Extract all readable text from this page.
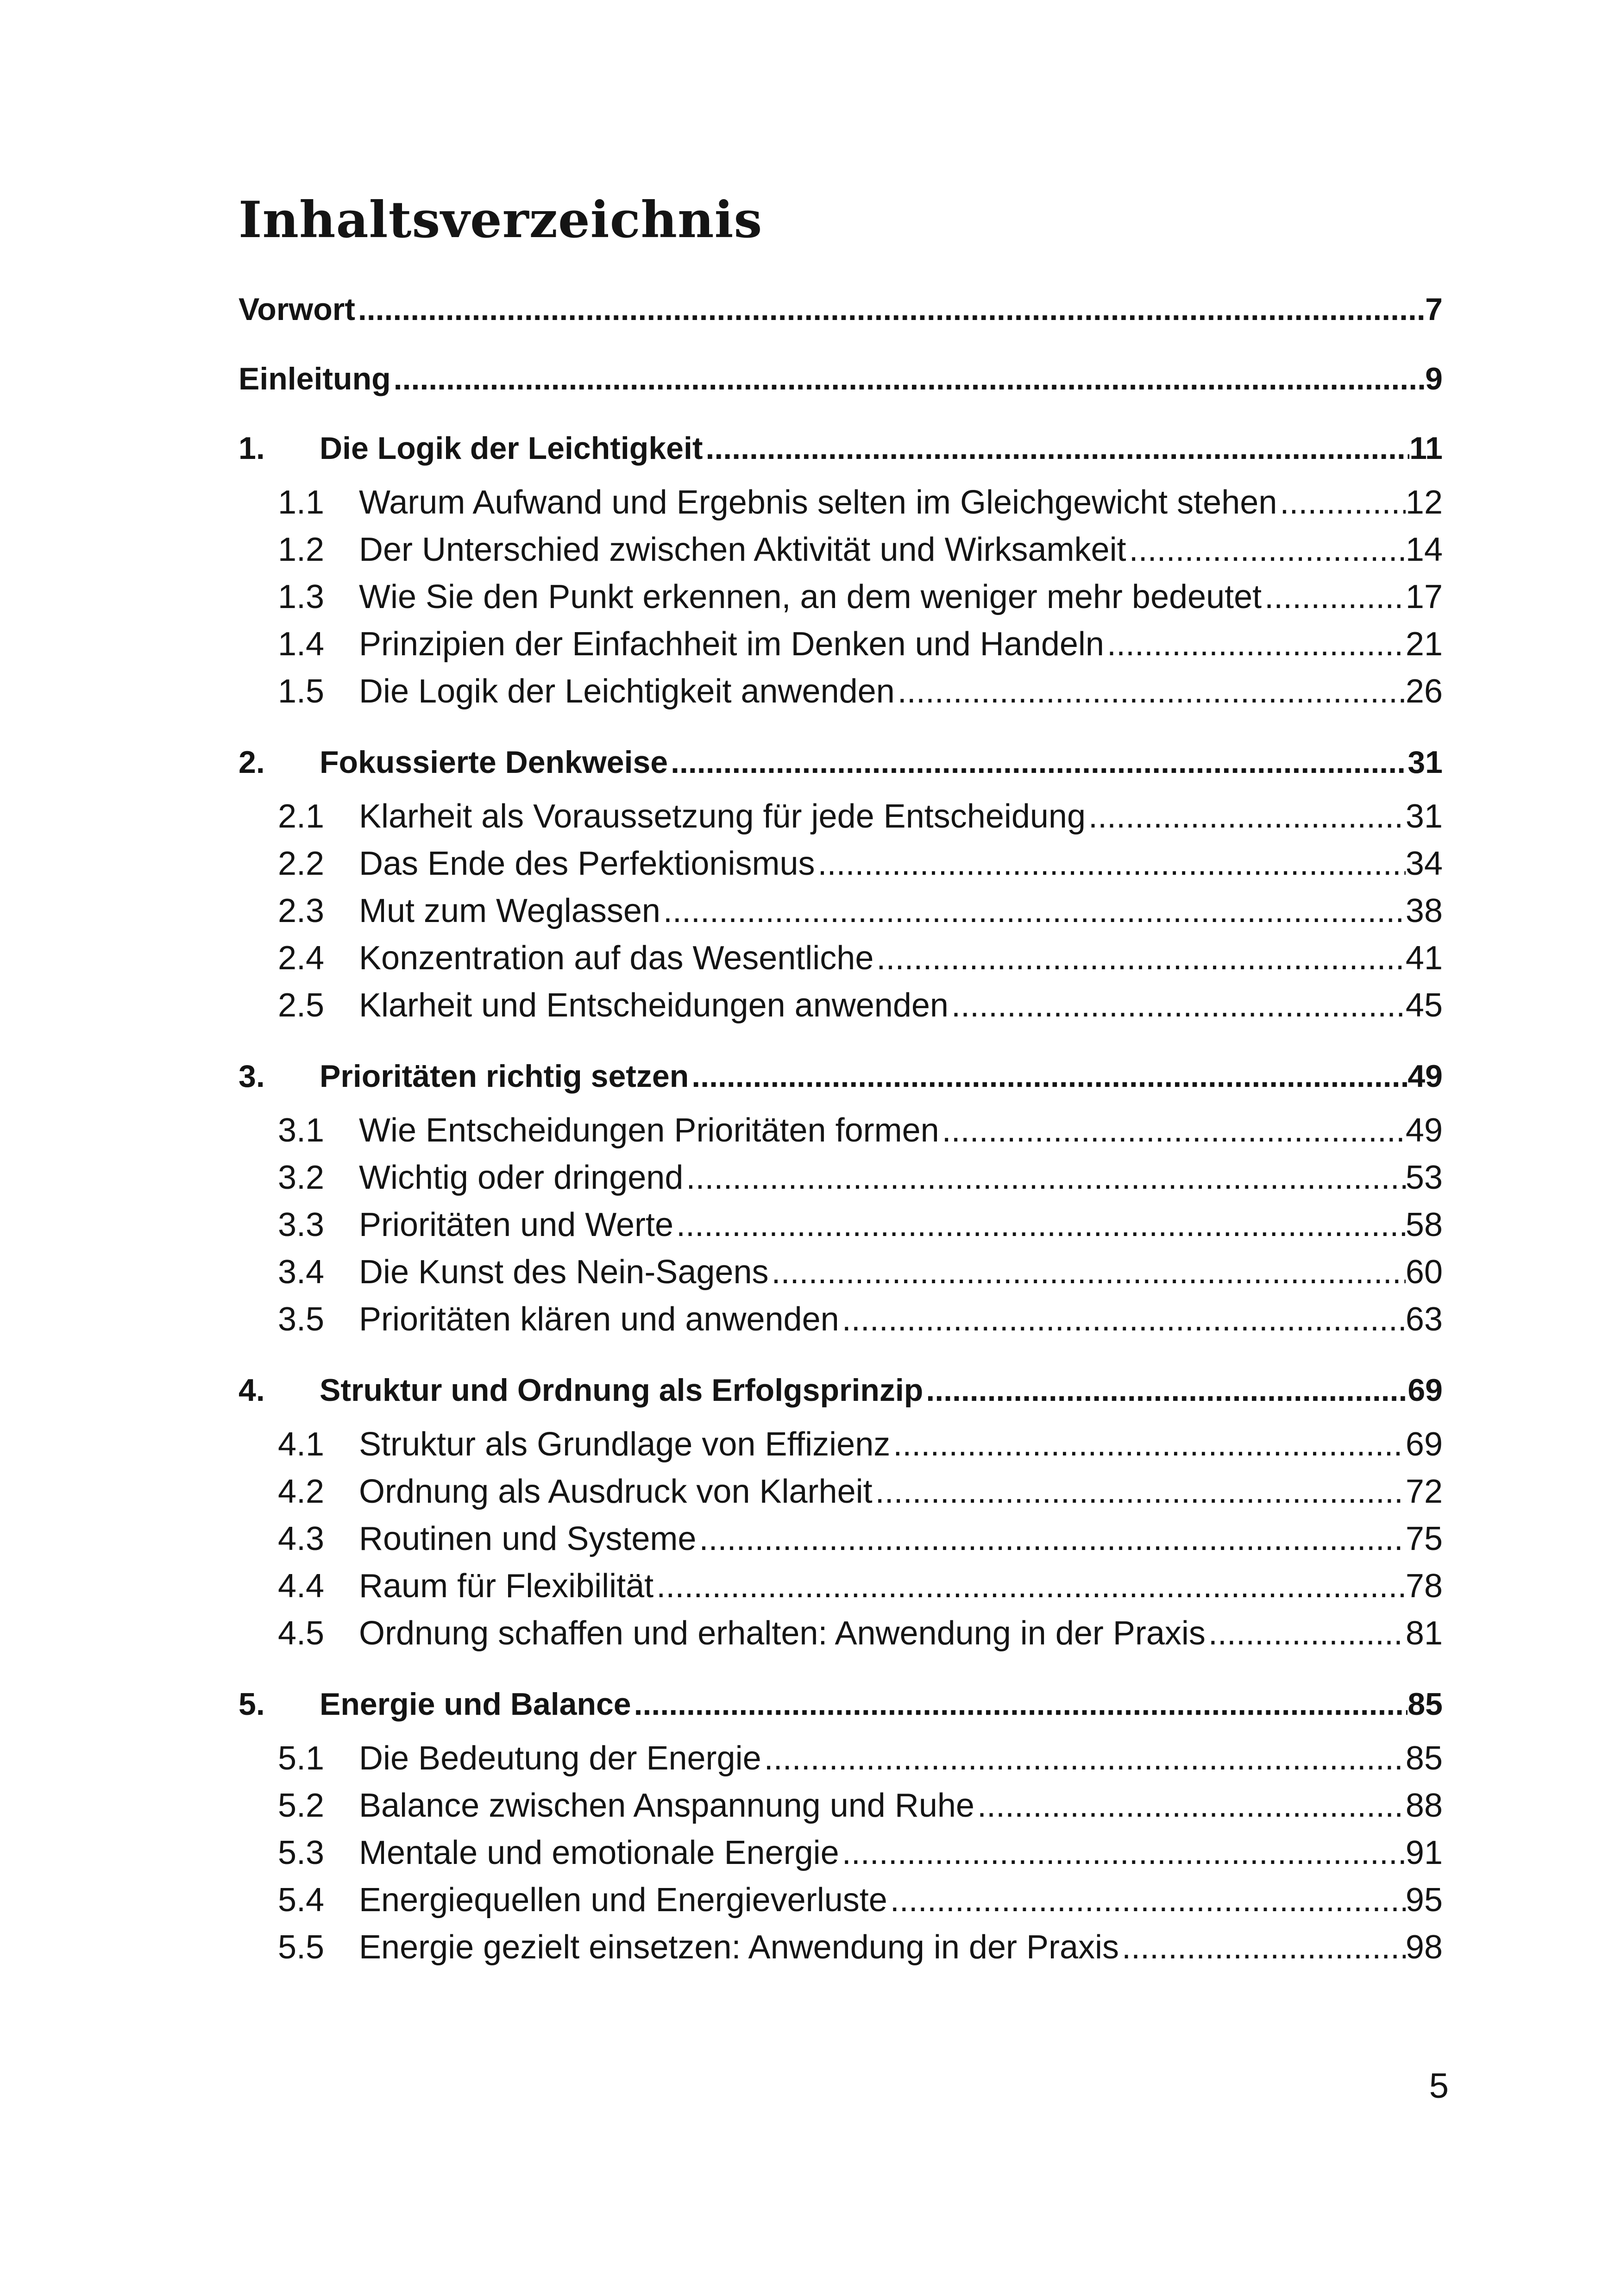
Inhaltsverzeichnis
Vorwort .....	7
Einleitung .....	9
1.	Die Logik der Leichtigkeit .....	11
1.1	Warum Aufwand und Ergebnis selten im Gleichgewicht stehen .....	12
1.2	Der Unterschied zwischen Aktivität und Wirksamkeit .....	14
1.3	Wie Sie den Punkt erkennen, an dem weniger mehr bedeutet .....	17
1.4	Prinzipien der Einfachheit im Denken und Handeln .....	21
1.5	Die Logik der Leichtigkeit anwenden .....	26
2.	Fokussierte Denkweise .....	31
2.1	Klarheit als Voraussetzung für jede Entscheidung .....	31
2.2	Das Ende des Perfektionismus .....	34
2.3	Mut zum Weglassen .....	38
2.4	Konzentration auf das Wesentliche .....	41
2.5	Klarheit und Entscheidungen anwenden .....	45
3.	Prioritäten richtig setzen .....	49
3.1	Wie Entscheidungen Prioritäten formen .....	49
3.2	Wichtig oder dringend .....	53
3.3	Prioritäten und Werte .....	58
3.4	Die Kunst des Nein-Sagens .....	60
3.5	Prioritäten klären und anwenden .....	63
4.	Struktur und Ordnung als Erfolgsprinzip .....	69
4.1	Struktur als Grundlage von Effizienz .....	69
4.2	Ordnung als Ausdruck von Klarheit .....	72
4.3	Routinen und Systeme .....	75
4.4	Raum für Flexibilität .....	78
4.5	Ordnung schaffen und erhalten: Anwendung in der Praxis .....	81
5.	Energie und Balance .....	85
5.1	Die Bedeutung der Energie .....	85
5.2	Balance zwischen Anspannung und Ruhe .....	88
5.3	Mentale und emotionale Energie .....	91
5.4	Energiequellen und Energieverluste .....	95
5.5	Energie gezielt einsetzen: Anwendung in der Praxis .....	98
5
